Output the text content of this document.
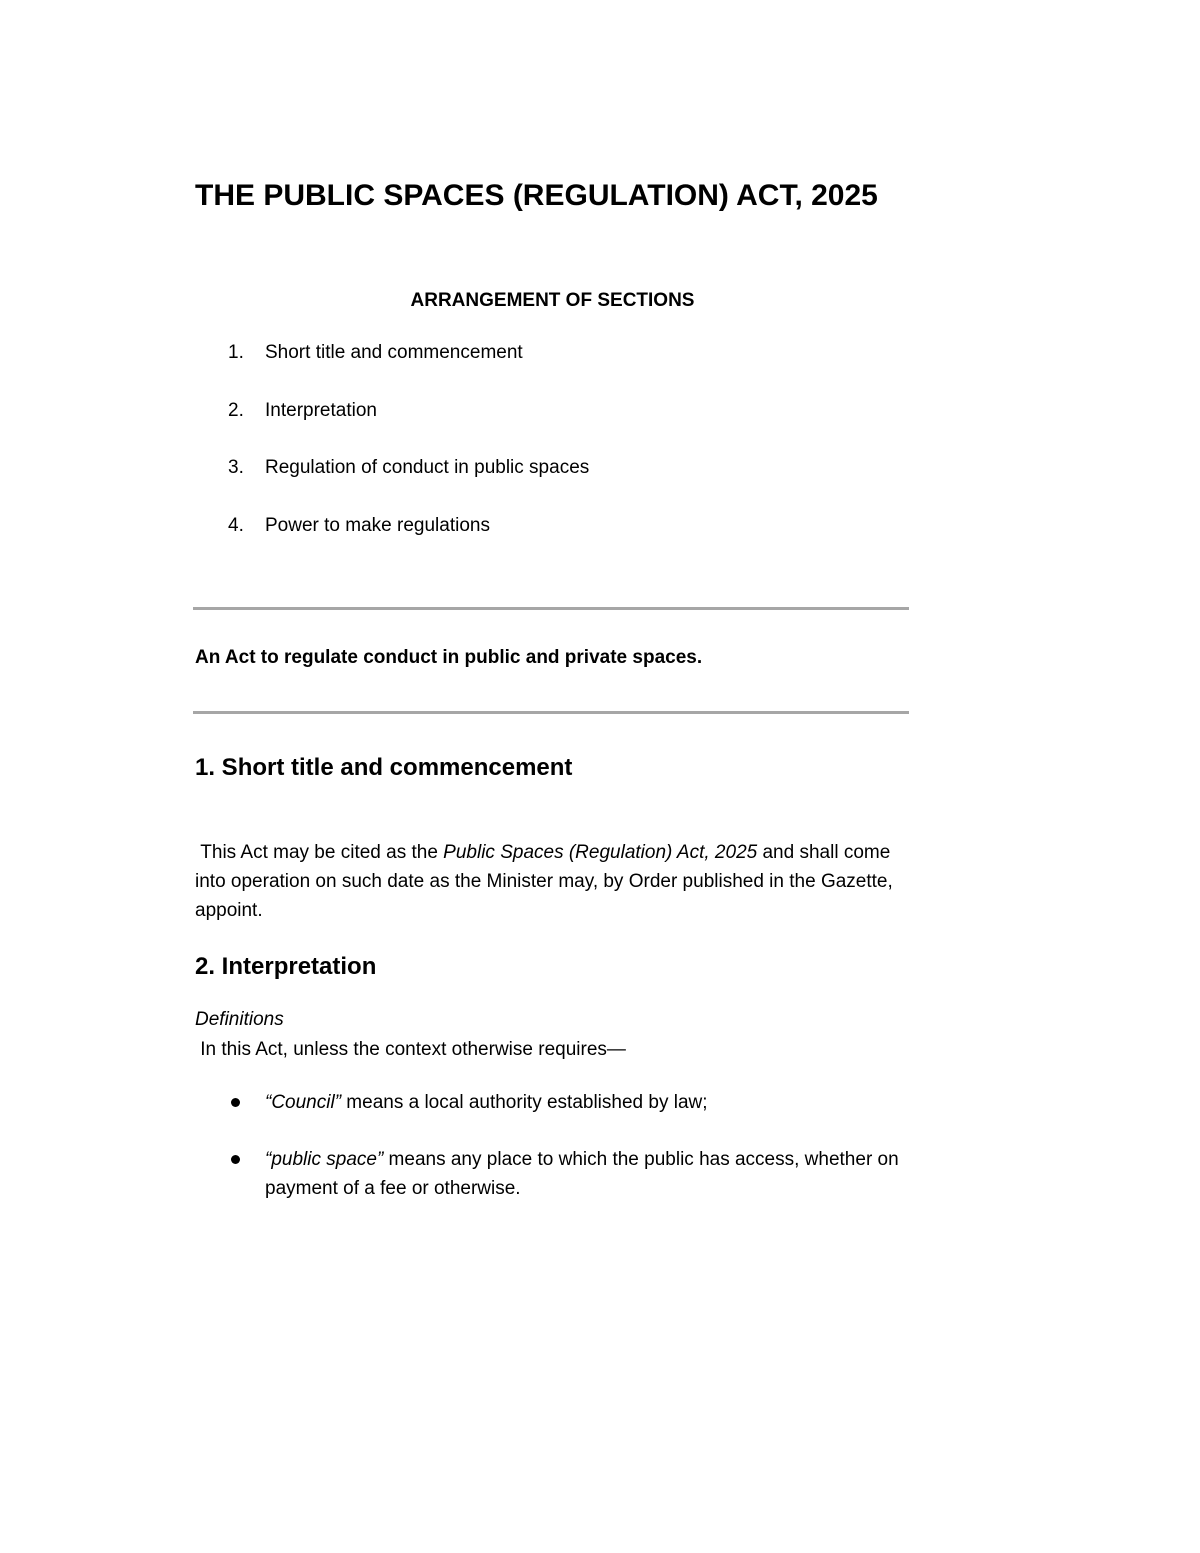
THE PUBLIC SPACES (REGULATION) ACT, 2025
ARRANGEMENT OF SECTIONS
1. Short title and commencement
2. Interpretation
3. Regulation of conduct in public spaces
4. Power to make regulations

An Act to regulate conduct in public and private spaces.

1. Short title and commencement

This Act may be cited as the Public Spaces (Regulation) Act, 2025 and shall come into operation on such date as the Minister may, by Order published in the Gazette, appoint.

2. Interpretation

Definitions

In this Act, unless the context otherwise requires—

“Council” means a local authority established by law;
“public space” means any place to which the public has access, whether on payment of a fee or otherwise.
